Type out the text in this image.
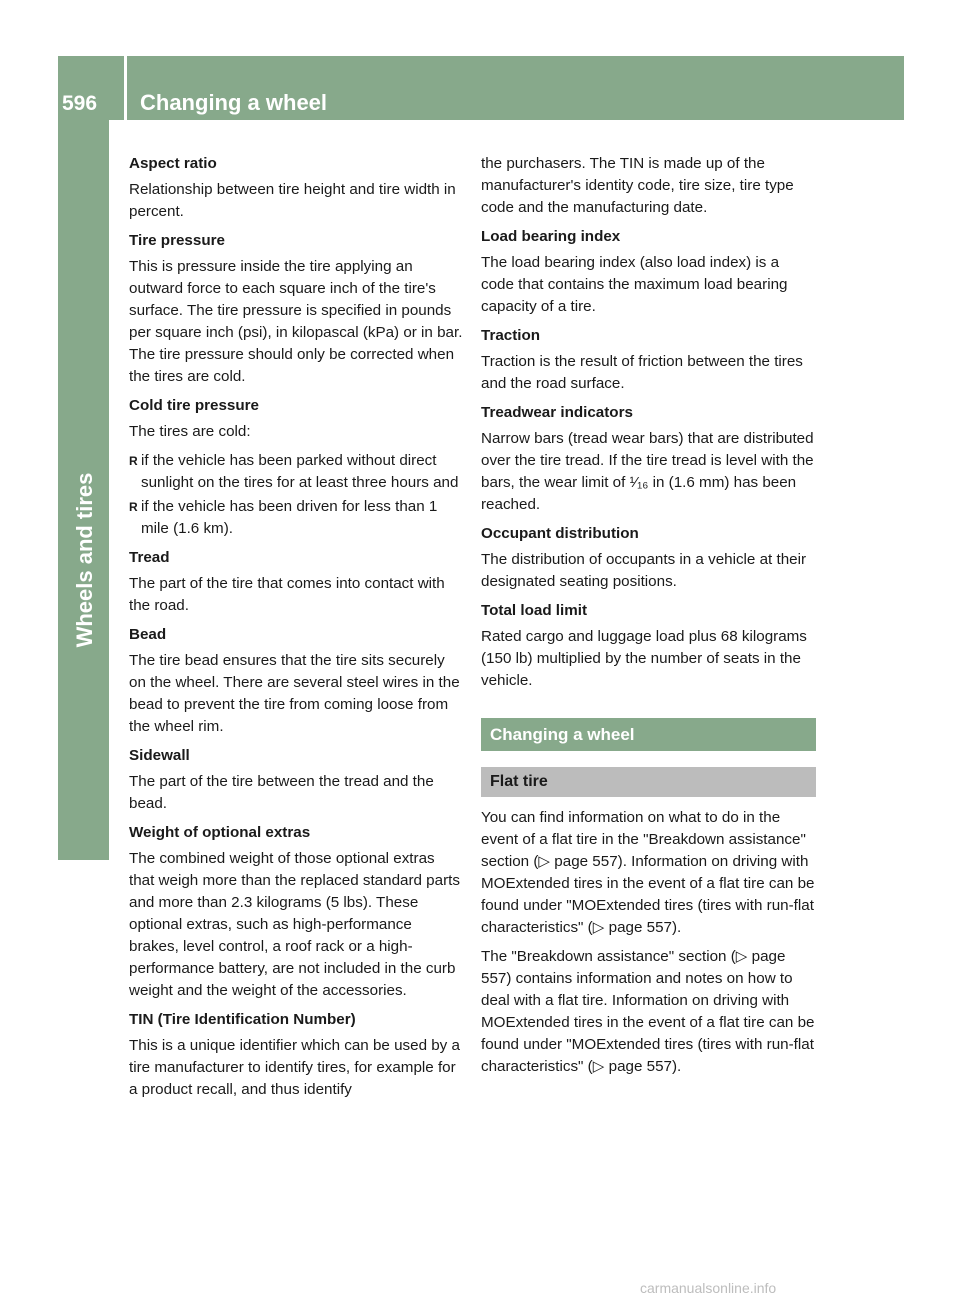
596	Changing a wheel
Wheels and tires

Aspect ratio

Relationship between tire height and tire width in percent.

Tire pressure

This is pressure inside the tire applying an outward force to each square inch of the tire's surface. The tire pressure is specified in pounds per square inch (psi), in kilopascal (kPa) or in bar. The tire pressure should only be corrected when the tires are cold.

Cold tire pressure

The tires are cold:

R if the vehicle has been parked without direct sunlight on the tires for at least three hours and
R if the vehicle has been driven for less than 1 mile (1.6 km).

Tread

The part of the tire that comes into contact with the road.

Bead

The tire bead ensures that the tire sits securely on the wheel. There are several steel wires in the bead to prevent the tire from coming loose from the wheel rim.

Sidewall

The part of the tire between the tread and the bead.

Weight of optional extras

The combined weight of those optional extras that weigh more than the replaced standard parts and more than 2.3 kilograms (5 lbs). These optional extras, such as high-performance brakes, level control, a roof rack or a high-performance battery, are not included in the curb weight and the weight of the accessories.

TIN (Tire Identification Number)

This is a unique identifier which can be used by a tire manufacturer to identify tires, for example for a product recall, and thus identify

the purchasers. The TIN is made up of the manufacturer's identity code, tire size, tire type code and the manufacturing date.

Load bearing index

The load bearing index (also load index) is a code that contains the maximum load bearing capacity of a tire.

Traction

Traction is the result of friction between the tires and the road surface.

Treadwear indicators

Narrow bars (tread wear bars) that are distributed over the tire tread. If the tire tread is level with the bars, the wear limit of ¹⁄₁₆ in (1.6 mm) has been reached.

Occupant distribution

The distribution of occupants in a vehicle at their designated seating positions.

Total load limit

Rated cargo and luggage load plus 68 kilograms (150 lb) multiplied by the number of seats in the vehicle.

Changing a wheel
Flat tire

You can find information on what to do in the event of a flat tire in the "Breakdown assistance" section (▷ page 557). Information on driving with MOExtended tires in the event of a flat tire can be found under "MOExtended tires (tires with run-flat characteristics" (▷ page 557).

The "Breakdown assistance" section (▷ page 557) contains information and notes on how to deal with a flat tire. Information on driving with MOExtended tires in the event of a flat tire can be found under "MOExtended tires (tires with run-flat characteristics" (▷ page 557).

carmanualsonline.info
